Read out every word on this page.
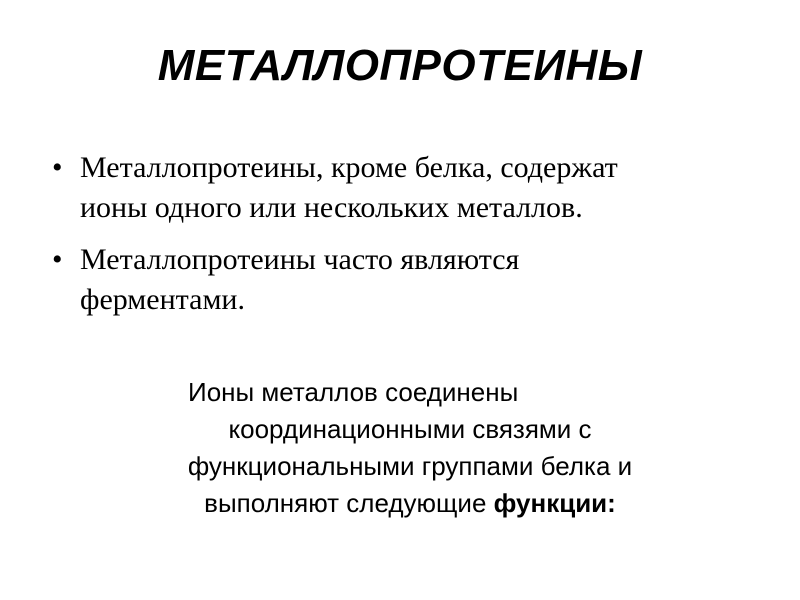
МЕТАЛЛОПРОТЕИНЫ
• Металлопротеины, кроме белка, содержат
ионы одного или нескольких металлов.
• Металлопротеины часто являются
ферментами.
Ионы металлов соединены
координационными связями с
функциональными группами белка и
выполняют следующие функции:
